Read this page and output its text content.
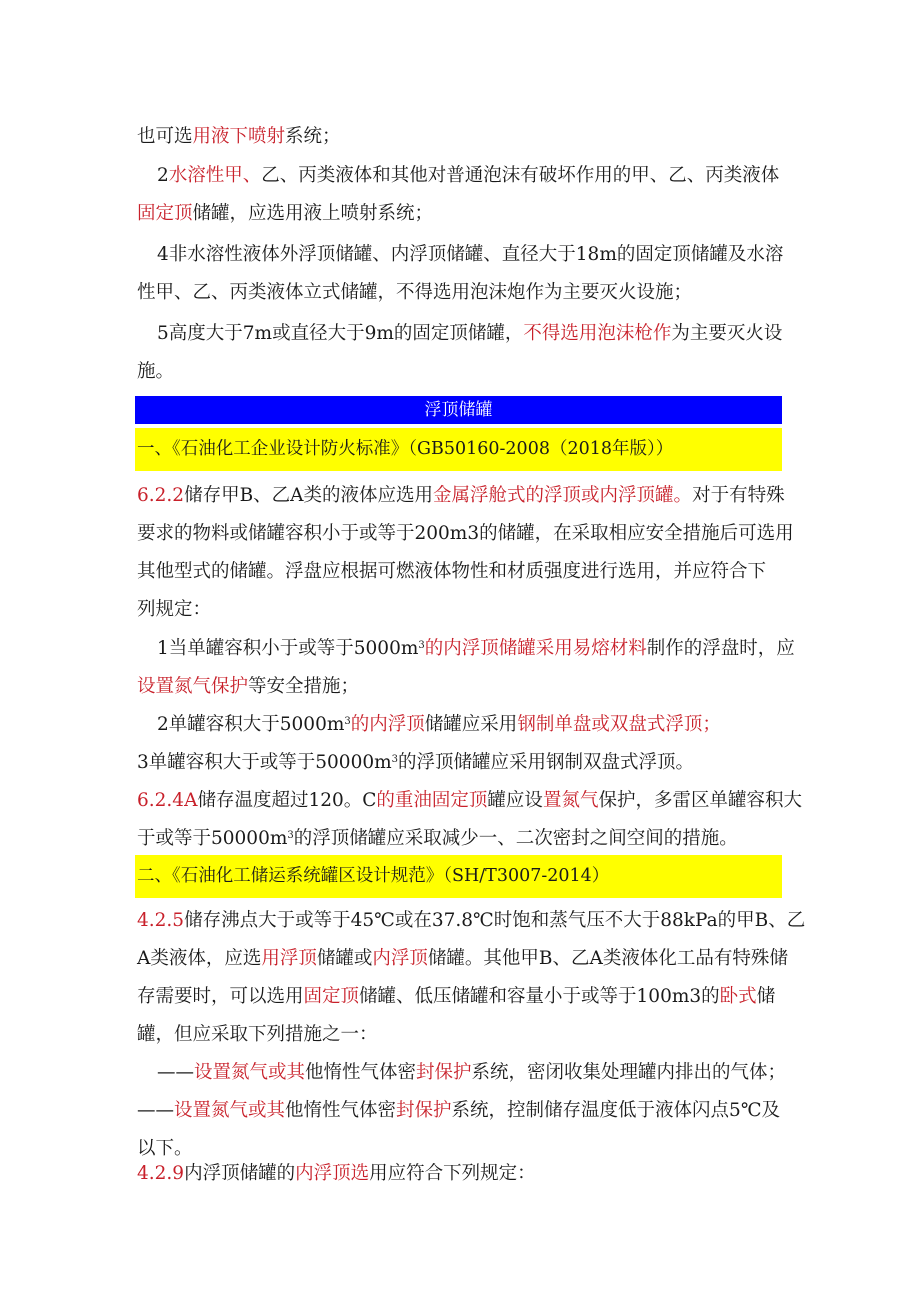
也可选用液下喷射系统；

2水溶性甲、乙、丙类液体和其他对普通泡沫有破坏作用的甲、乙、丙类液体
固定顶储罐，应选用液上喷射系统；

4非水溶性液体外浮顶储罐、内浮顶储罐、直径大于18m的固定顶储罐及水溶
性甲、乙、丙类液体立式储罐，不得选用泡沫炮作为主要灭火设施；

5高度大于7m或直径大于9m的固定顶储罐，不得选用泡沫枪作为主要灭火设
施。

浮顶储罐
一、《石油化工企业设计防火标准》（GB50160-2008（2018年版））

6.2.2储存甲B、乙A类的液体应选用金属浮舱式的浮顶或内浮顶罐。对于有特殊
要求的物料或储罐容积小于或等于200m3的储罐，在采取相应安全措施后可选用
其他型式的储罐。浮盘应根据可燃液体物性和材质强度进行选用，并应符合下
列规定：

1当单罐容积小于或等于$5000m^3$的内浮顶储罐采用易熔材料制作的浮盘时，应
设置氮气保护等安全措施；

2单罐容积大于$5000m^3$的内浮顶储罐应采用钢制单盘或双盘式浮顶；

3单罐容积大于或等于$50000m^3$的浮顶储罐应采用钢制双盘式浮顶。

6.2.4A储存温度超过120。C的重油固定顶罐应设置氮气保护，多雷区单罐容积大
于或等于$50000m^3$的浮顶储罐应采取减少一、二次密封之间空间的措施。

二、《石油化工储运系统罐区设计规范》（SH/T3007-2014）

4.2.5储存沸点大于或等于45℃或在37.8℃时饱和蒸气压不大于88kPa的甲B、乙
A类液体，应选用浮顶储罐或内浮顶储罐。其他甲B、乙A类液体化工品有特殊储
存需要时，可以选用固定顶储罐、低压储罐和容量小于或等于100m3的卧式储
罐，但应采取下列措施之一：
——设置氮气或其他惰性气体密封保护系统，密闭收集处理罐内排出的气体；
——设置氮气或其他惰性气体密封保护系统，控制储存温度低于液体闪点5℃及
以下。

4.2.9内浮顶储罐的内浮顶选用应符合下列规定：
